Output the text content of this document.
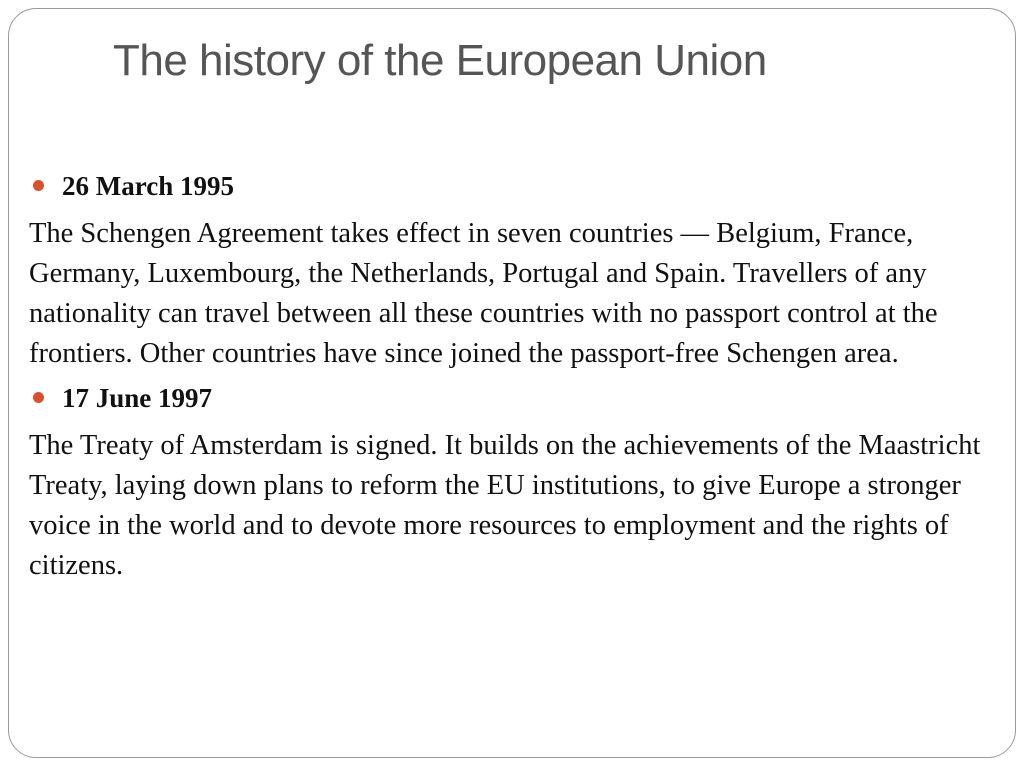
The history of the European Union
26 March 1995

The Schengen Agreement takes effect in seven countries — Belgium, France, Germany, Luxembourg, the Netherlands, Portugal and Spain. Travellers of any nationality can travel between all these countries with no passport control at the frontiers. Other countries have since joined the passport-free Schengen area.

17 June 1997

The Treaty of Amsterdam is signed. It builds on the achievements of the Maastricht Treaty, laying down plans to reform the EU institutions, to give Europe a stronger voice in the world and to devote more resources to employment and the rights of citizens.
